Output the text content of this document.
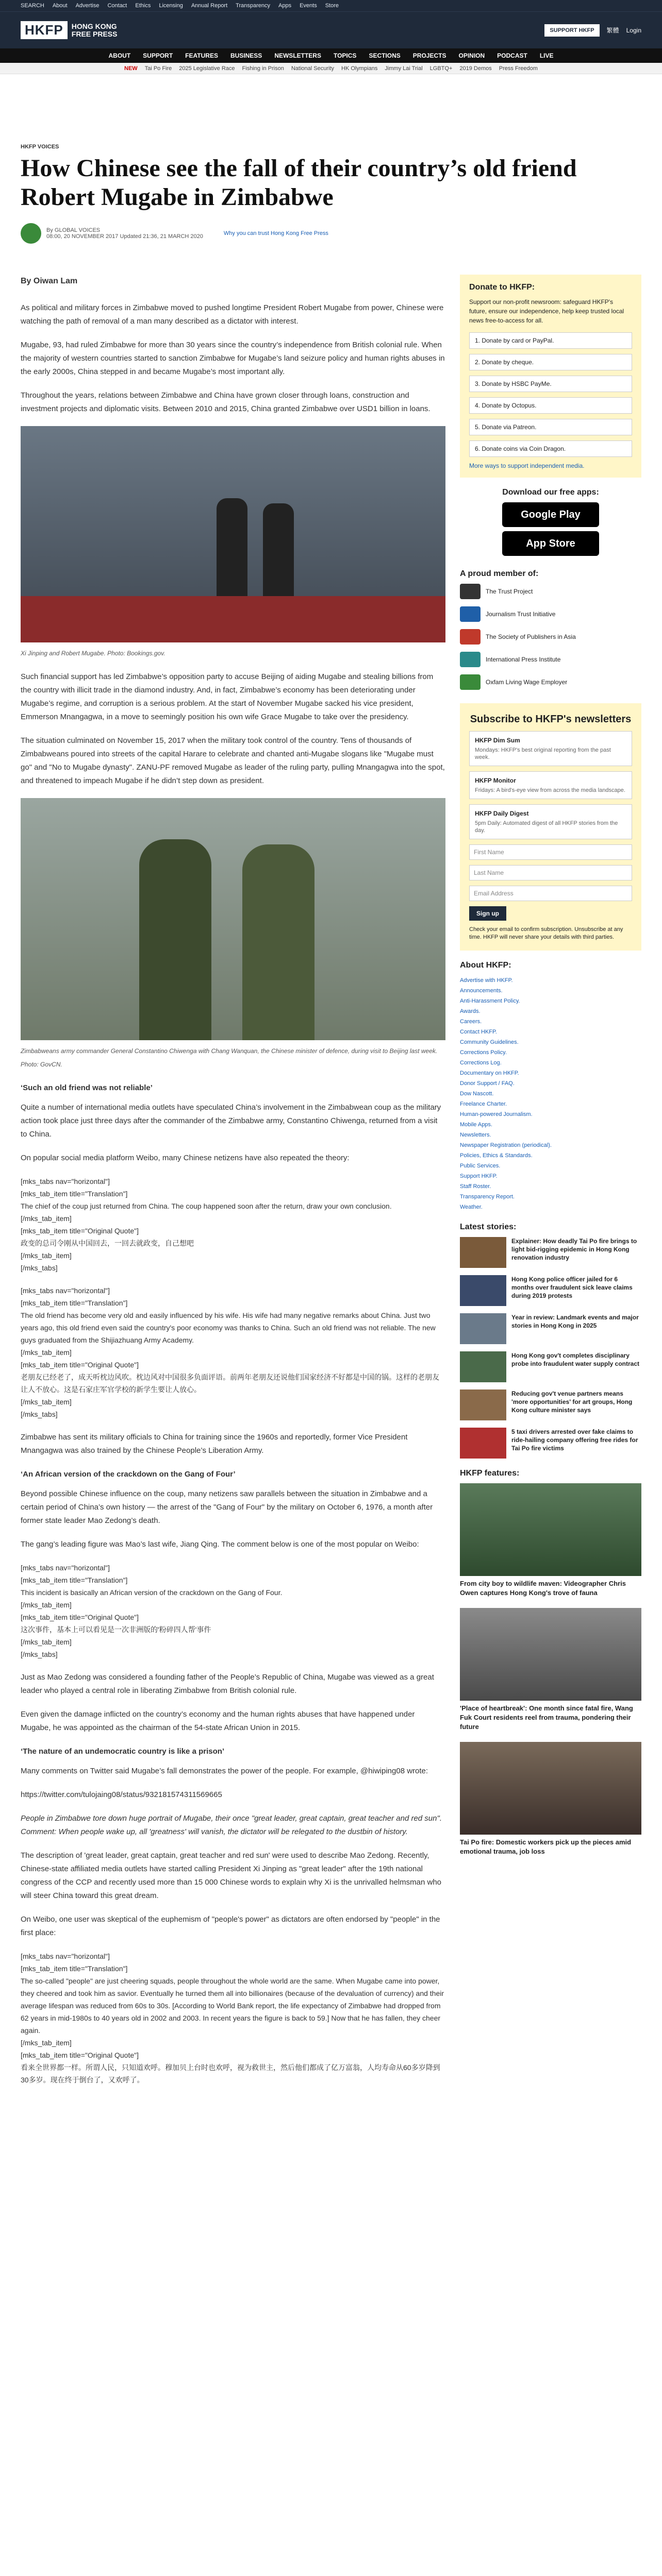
SEARCH About Advertise Contact Ethics Licensing Annual Report Transparency Apps Events Store
HKFP	HONG KONG
FREE PRESS	SUPPORT HKFP	繁體 Login
ABOUT SUPPORT FEATURES BUSINESS NEWSLETTERS TOPICS SECTIONS PROJECTS OPINION PODCAST LIVE
NEW Tai Po Fire 2025 Legislative Race Fishing in Prison National Security HK Olympians Jimmy Lai Trial LGBTQ+ 2019 Demos Press Freedom
HKFP VOICES
How Chinese see the fall of their country’s old friend Robert Mugabe in Zimbabwe
By GLOBAL VOICES
08:00, 20 NOVEMBER 2017 Updated 21:36, 21 MARCH 2020	Why you can trust Hong Kong Free Press
By Oiwan Lam

As political and military forces in Zimbabwe moved to pushed longtime President Robert Mugabe from power, Chinese were watching the path of removal of a man many described as a dictator with interest.

Mugabe, 93, had ruled Zimbabwe for more than 30 years since the country’s independence from British colonial rule. When the majority of western countries started to sanction Zimbabwe for Mugabe’s land seizure policy and human rights abuses in the early 2000s, China stepped in and became Mugabe’s most important ally.

Throughout the years, relations between Zimbabwe and China have grown closer through loans, construction and investment projects and diplomatic visits. Between 2010 and 2015, China granted Zimbabwe over USD1 billion in loans.

Xi Jinping and Robert Mugabe. Photo: Bookings.gov.

Such financial support has led Zimbabwe’s opposition party to accuse Beijing of aiding Mugabe and stealing billions from the country with illicit trade in the diamond industry. And, in fact, Zimbabwe’s economy has been deteriorating under Mugabe’s regime, and corruption is a serious problem. At the start of November Mugabe sacked his vice president, Emmerson Mnangagwa, in a move to seemingly position his own wife Grace Mugabe to take over the presidency.

The situation culminated on November 15, 2017 when the military took control of the country. Tens of thousands of Zimbabweans poured into streets of the capital Harare to celebrate and chanted anti-Mugabe slogans like "Mugabe must go" and "No to Mugabe dynasty". ZANU-PF removed Mugabe as leader of the ruling party, pulling Mnangagwa into the spot, and threatened to impeach Mugabe if he didn’t step down as president.

Zimbabweans army commander General Constantino Chiwenga with Chang Wanquan, the Chinese minister of defence, during visit to Beijing last week. Photo: GovCN.
‘Such an old friend was not reliable’

Quite a number of international media outlets have speculated China’s involvement in the Zimbabwean coup as the military action took place just three days after the commander of the Zimbabwe army, Constantino Chiwenga, returned from a visit to China.

On popular social media platform Weibo, many Chinese netizens have also repeated the theory:

[mks_tabs nav="horizontal"]
[mks_tab_item title="Translation"]
The chief of the coup just returned from China. The coup happened soon after the return, draw your own conclusion.
[/mks_tab_item]
[mks_tab_item title="Original Quote"]
政变的总司令刚从中国回去，一回去就政变，自己想吧
[/mks_tab_item]
[/mks_tabs]
[mks_tabs nav="horizontal"]
[mks_tab_item title="Translation"]
The old friend has become very old and easily influenced by his wife. His wife had many negative remarks about China. Just two years ago, this old friend even said the country's poor economy was thanks to China. Such an old friend was not reliable. The new guys graduated from the Shijiazhuang Army Academy.
[/mks_tab_item]
[mks_tab_item title="Original Quote"]
老朋友已经老了，成天听枕边风吹。枕边风对中国很多负面评语。前两年老朋友还说他们国家经济不好都是中国的锅。这样的老朋友让人不放心。这是石家庄军官学校的新学生要让人放心。
[/mks_tab_item]
[/mks_tabs]

Zimbabwe has sent its military officials to China for training since the 1960s and reportedly, former Vice President Mnangagwa was also trained by the Chinese People’s Liberation Army.

‘An African version of the crackdown on the Gang of Four’

Beyond possible Chinese influence on the coup, many netizens saw parallels between the situation in Zimbabwe and a certain period of China’s own history — the arrest of the "Gang of Four" by the military on October 6, 1976, a month after former state leader Mao Zedong’s death.

The gang’s leading figure was Mao’s last wife, Jiang Qing. The comment below is one of the most popular on Weibo:

[mks_tabs nav="horizontal"]
[mks_tab_item title="Translation"]
This incident is basically an African version of the crackdown on the Gang of Four.
[/mks_tab_item]
[mks_tab_item title="Original Quote"]
这次事件，基本上可以看见是一次非洲版的'粉碎四人帮'事件
[/mks_tab_item]
[/mks_tabs]

Just as Mao Zedong was considered a founding father of the People’s Republic of China, Mugabe was viewed as a great leader who played a central role in liberating Zimbabwe from British colonial rule.

Even given the damage inflicted on the country’s economy and the human rights abuses that have happened under Mugabe, he was appointed as the chairman of the 54-state African Union in 2015.

‘The nature of an undemocratic country is like a prison’

Many comments on Twitter said Mugabe’s fall demonstrates the power of the people. For example, @hiwiping08 wrote:

https://twitter.com/tulojaing08/status/932181574311569665

People in Zimbabwe tore down huge portrait of Mugabe, their once "great leader, great captain, great teacher and red sun". Comment: When people wake up, all 'greatness' will vanish, the dictator will be relegated to the dustbin of history.

The description of 'great leader, great captain, great teacher and red sun' were used to describe Mao Zedong. Recently, Chinese-state affiliated media outlets have started calling President Xi Jinping as "great leader" after the 19th national congress of the CCP and recently used more than 15 000 Chinese words to explain why Xi is the unrivalled helmsman who will steer China toward this great dream.

On Weibo, one user was skeptical of the euphemism of "people's power" as dictators are often endorsed by "people" in the first place:

[mks_tabs nav="horizontal"]
[mks_tab_item title="Translation"]
The so-called "people" are just cheering squads, people throughout the whole world are the same. When Mugabe came into power, they cheered and took him as savior. Eventually he turned them all into billionaires (because of the devaluation of currency) and their average lifespan was reduced from 60s to 30s. [According to World Bank report, the life expectancy of Zimbabwe had dropped from 62 years in mid-1980s to 40 years old in 2002 and 2003. In recent years the figure is back to 59.] Now that he has fallen, they cheer again.
[/mks_tab_item]
[mks_tab_item title="Original Quote"]
看来全世界都一样。所谓人民，只知道欢呼。穆加贝上台时也欢呼，视为救世主，然后他们都成了亿万富翁，人均寿命从60多岁降到30多岁。现在终于倒台了，又欢呼了。
Donate to HKFP:
Support our non-profit newsroom: safeguard HKFP's future, ensure our independence, help keep trusted local news free-to-access for all.
1. Donate by card or PayPal.
2. Donate by cheque.
3. Donate by HSBC PayMe.
4. Donate by Octopus.
5. Donate via Patreon.
6. Donate coins via Coin Dragon.
More ways to support independent media.
Download our free apps:
Google Play
App Store
A proud member of:
The Trust Project
Journalism Trust Initiative
The Society of Publishers in Asia
International Press Institute
Oxfam Living Wage Employer
Subscribe to HKFP's newsletters
HKFP Dim Sum
Mondays: HKFP's best original reporting from the past week.
HKFP Monitor
Fridays: A bird's-eye view from across the media landscape.
HKFP Daily Digest
5pm Daily: Automated digest of all HKFP stories from the day.
First Name
Last Name
Email Address
Sign up
Check your email to confirm subscription. Unsubscribe at any time. HKFP will never share your details with third parties.
About HKFP:
Advertise with HKFP.
Announcements.
Anti-Harassment Policy.
Awards.
Careers.
Contact HKFP.
Community Guidelines.
Corrections Policy.
Corrections Log.
Documentary on HKFP.
Donor Support / FAQ.
Dow Nascott.
Freelance Charter.
Human-powered Journalism.
Mobile Apps.
Newsletters.
Newspaper Registration (periodical).
Policies, Ethics & Standards.
Public Services.
Support HKFP.
Staff Roster.
Transparency Report.
Weather.
Latest stories:

Explainer: How deadly Tai Po fire brings to light bid-rigging epidemic in Hong Kong renovation industry

Hong Kong police officer jailed for 6 months over fraudulent sick leave claims during 2019 protests

Year in review: Landmark events and major stories in Hong Kong in 2025

Hong Kong gov't completes disciplinary probe into fraudulent water supply contract

Reducing gov't venue partners means 'more opportunities' for art groups, Hong Kong culture minister says

5 taxi drivers arrested over fake claims to ride-hailing company offering free rides for Tai Po fire victims

HKFP features:

From city boy to wildlife maven: Videographer Chris Owen captures Hong Kong's trove of fauna

'Place of heartbreak': One month since fatal fire, Wang Fuk Court residents reel from trauma, pondering their future

Tai Po fire: Domestic workers pick up the pieces amid emotional trauma, job loss
